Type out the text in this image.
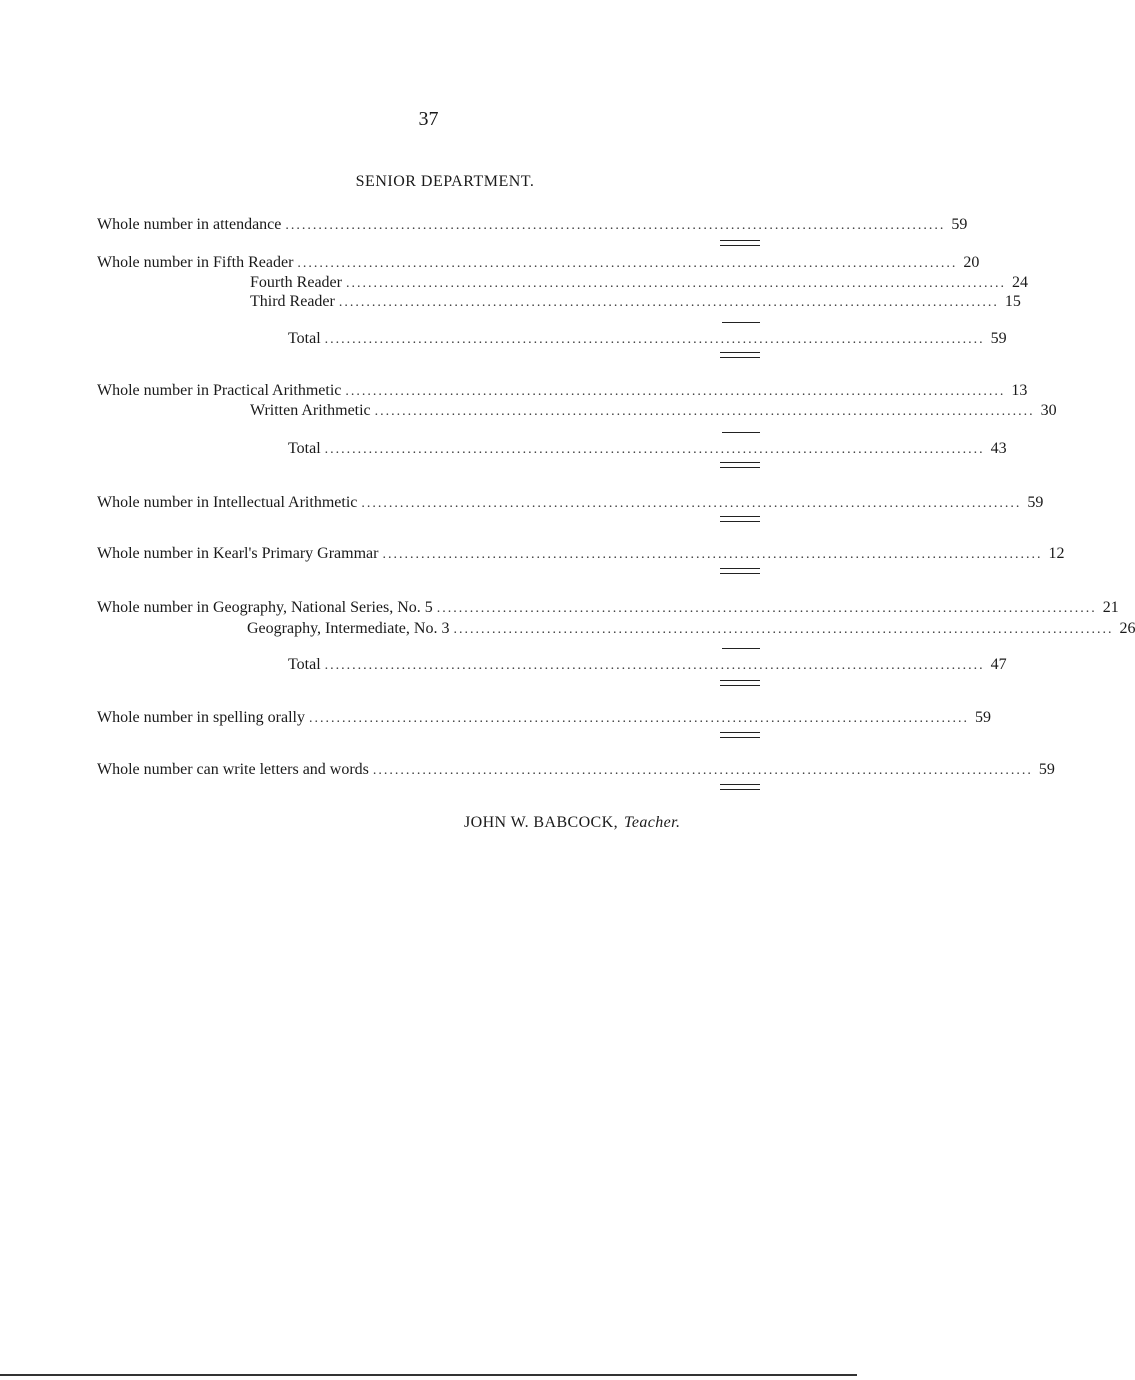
37
SENIOR DEPARTMENT.
Whole number in attendance ........................................................................................................................ 59
Whole number in Fifth Reader ........................................................................................................................ 20
Fourth Reader ........................................................................................................................ 24
Third Reader ........................................................................................................................ 15
Total ........................................................................................................................ 59
Whole number in Practical Arithmetic ........................................................................................................................ 13
Written Arithmetic ........................................................................................................................ 30
Total ........................................................................................................................ 43
Whole number in Intellectual Arithmetic ........................................................................................................................ 59
Whole number in Kearl's Primary Grammar ........................................................................................................................ 12
Whole number in Geography, National Series, No. 5 ........................................................................................................................ 21
Geography, Intermediate, No. 3 ........................................................................................................................ 26
Total ........................................................................................................................ 47
Whole number in spelling orally ........................................................................................................................ 59
Whole number can write letters and words ........................................................................................................................ 59
JOHN W. BABCOCK, Teacher.
